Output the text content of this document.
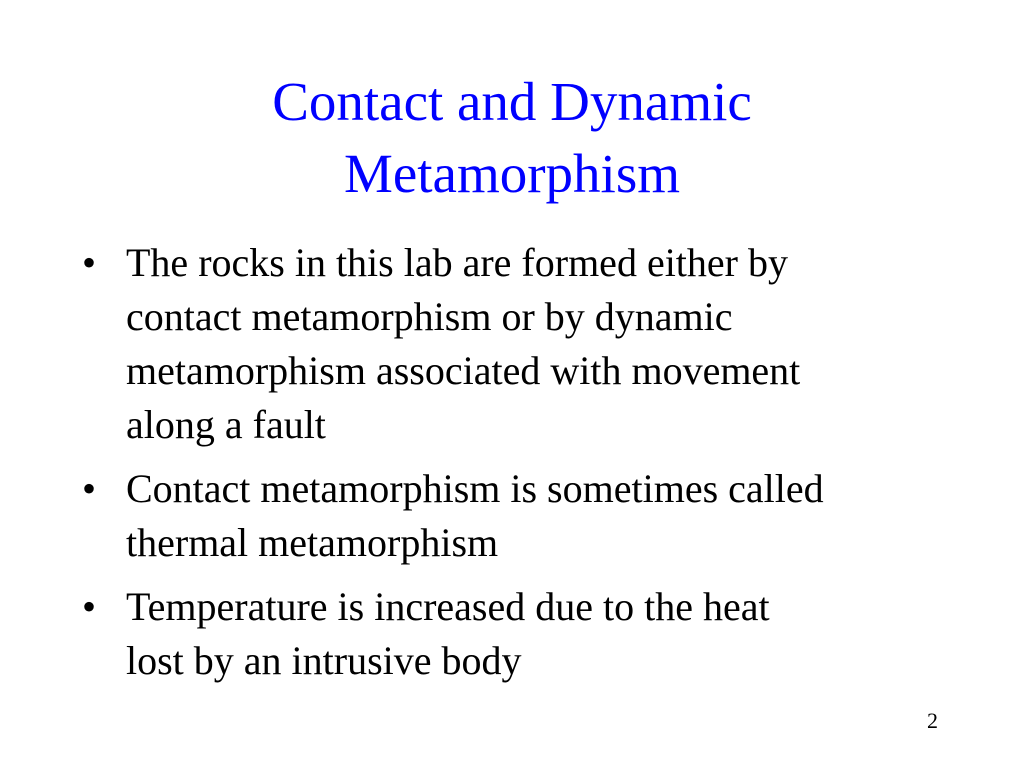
Contact and Dynamic
Metamorphism
• The rocks in this lab are formed either by
contact metamorphism or by dynamic
metamorphism associated with movement
along a fault
• Contact metamorphism is sometimes called
thermal metamorphism
• Temperature is increased due to the heat
lost by an intrusive body
2
